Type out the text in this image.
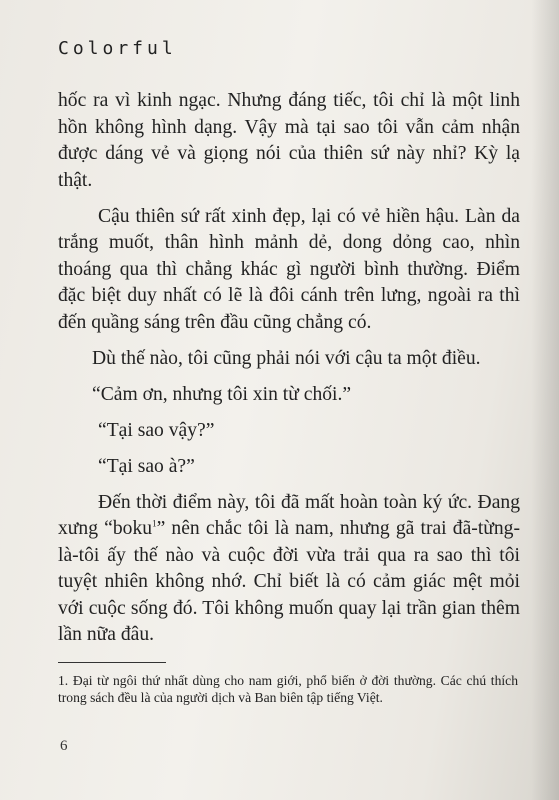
Colorful

hốc ra vì kinh ngạc. Nhưng đáng tiếc, tôi chỉ là một linh hồn không hình dạng. Vậy mà tại sao tôi vẫn cảm nhận được dáng vẻ và giọng nói của thiên sứ này nhỉ? Kỳ lạ thật.

Cậu thiên sứ rất xinh đẹp, lại có vẻ hiền hậu. Làn da trắng muốt, thân hình mảnh dẻ, dong dỏng cao, nhìn thoáng qua thì chẳng khác gì người bình thường. Điểm đặc biệt duy nhất có lẽ là đôi cánh trên lưng, ngoài ra thì đến quầng sáng trên đầu cũng chẳng có.

Dù thế nào, tôi cũng phải nói với cậu ta một điều.

“Cảm ơn, nhưng tôi xin từ chối.”

“Tại sao vậy?”

“Tại sao à?”

Đến thời điểm này, tôi đã mất hoàn toàn ký ức. Đang xưng “boku$^1$” nên chắc tôi là nam, nhưng gã trai đã-từng-là-tôi ấy thế nào và cuộc đời vừa trải qua ra sao thì tôi tuyệt nhiên không nhớ. Chỉ biết là có cảm giác mệt mỏi với cuộc sống đó. Tôi không muốn quay lại trần gian thêm lần nữa đâu.

1. Đại từ ngôi thứ nhất dùng cho nam giới, phổ biến ở đời thường. Các chú thích trong sách đều là của người dịch và Ban biên tập tiếng Việt.

6
